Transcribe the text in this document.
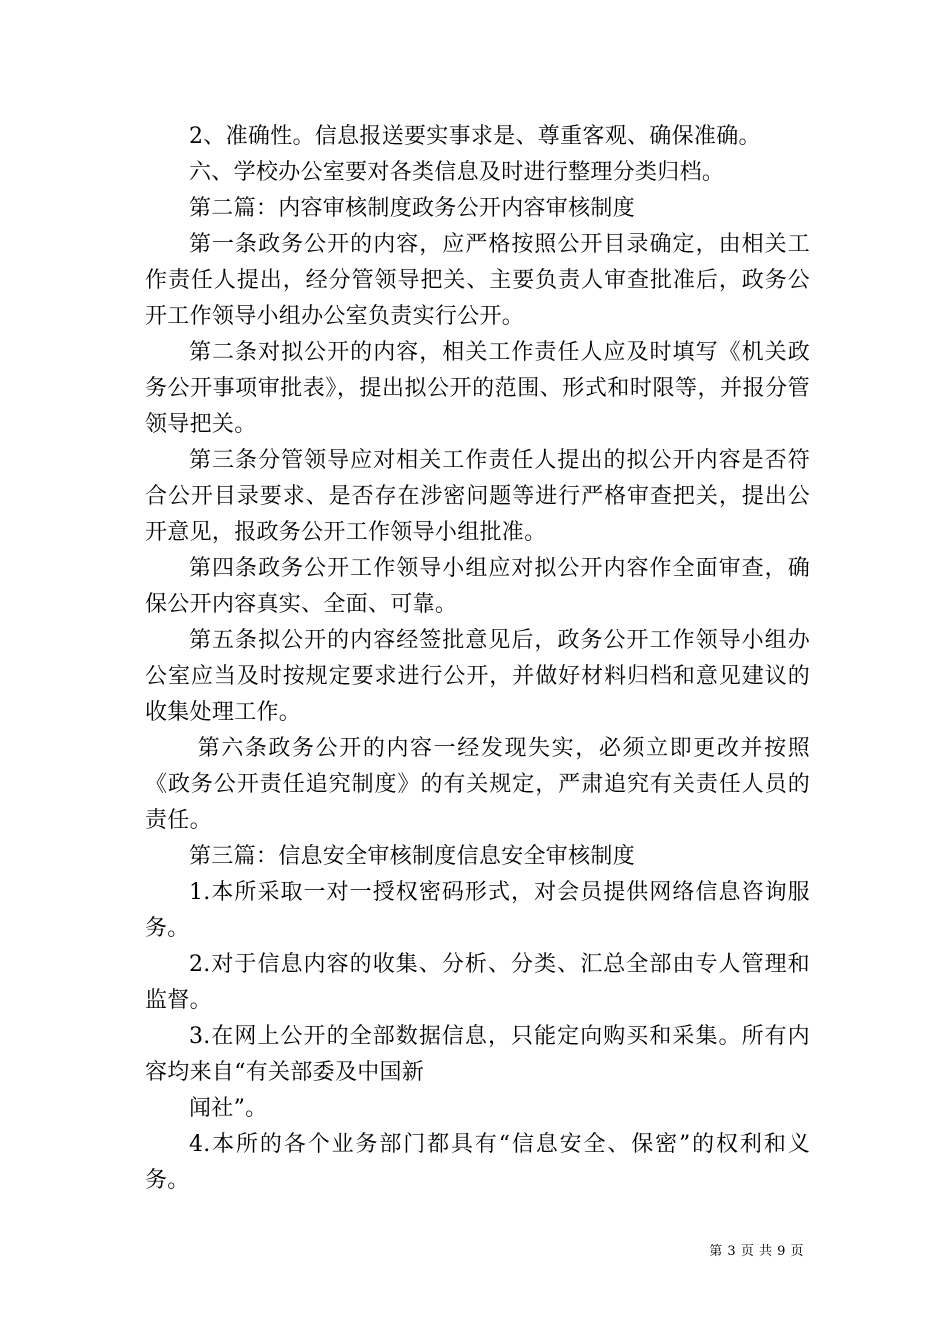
2、准确性。信息报送要实事求是、尊重客观、确保准确。

六、学校办公室要对各类信息及时进行整理分类归档。

第二篇：内容审核制度政务公开内容审核制度

第一条政务公开的内容，应严格按照公开目录确定，由相关工作责任人提出，经分管领导把关、主要负责人审查批准后，政务公开工作领导小组办公室负责实行公开。

第二条对拟公开的内容，相关工作责任人应及时填写《机关政务公开事项审批表》，提出拟公开的范围、形式和时限等，并报分管领导把关。

第三条分管领导应对相关工作责任人提出的拟公开内容是否符合公开目录要求、是否存在涉密问题等进行严格审查把关，提出公开意见，报政务公开工作领导小组批准。

第四条政务公开工作领导小组应对拟公开内容作全面审查，确保公开内容真实、全面、可靠。

第五条拟公开的内容经签批意见后，政务公开工作领导小组办公室应当及时按规定要求进行公开，并做好材料归档和意见建议的收集处理工作。

第六条政务公开的内容一经发现失实，必须立即更改并按照《政务公开责任追究制度》的有关规定，严肃追究有关责任人员的责任。

第三篇：信息安全审核制度信息安全审核制度

1.本所采取一对一授权密码形式，对会员提供网络信息咨询服务。

2.对于信息内容的收集、分析、分类、汇总全部由专人管理和监督。

3.在网上公开的全部数据信息，只能定向购买和采集。所有内容均来自“有关部委及中国新

闻社”。

4.本所的各个业务部门都具有“信息安全、保密”的权利和义务。

第 3 页 共 9 页
